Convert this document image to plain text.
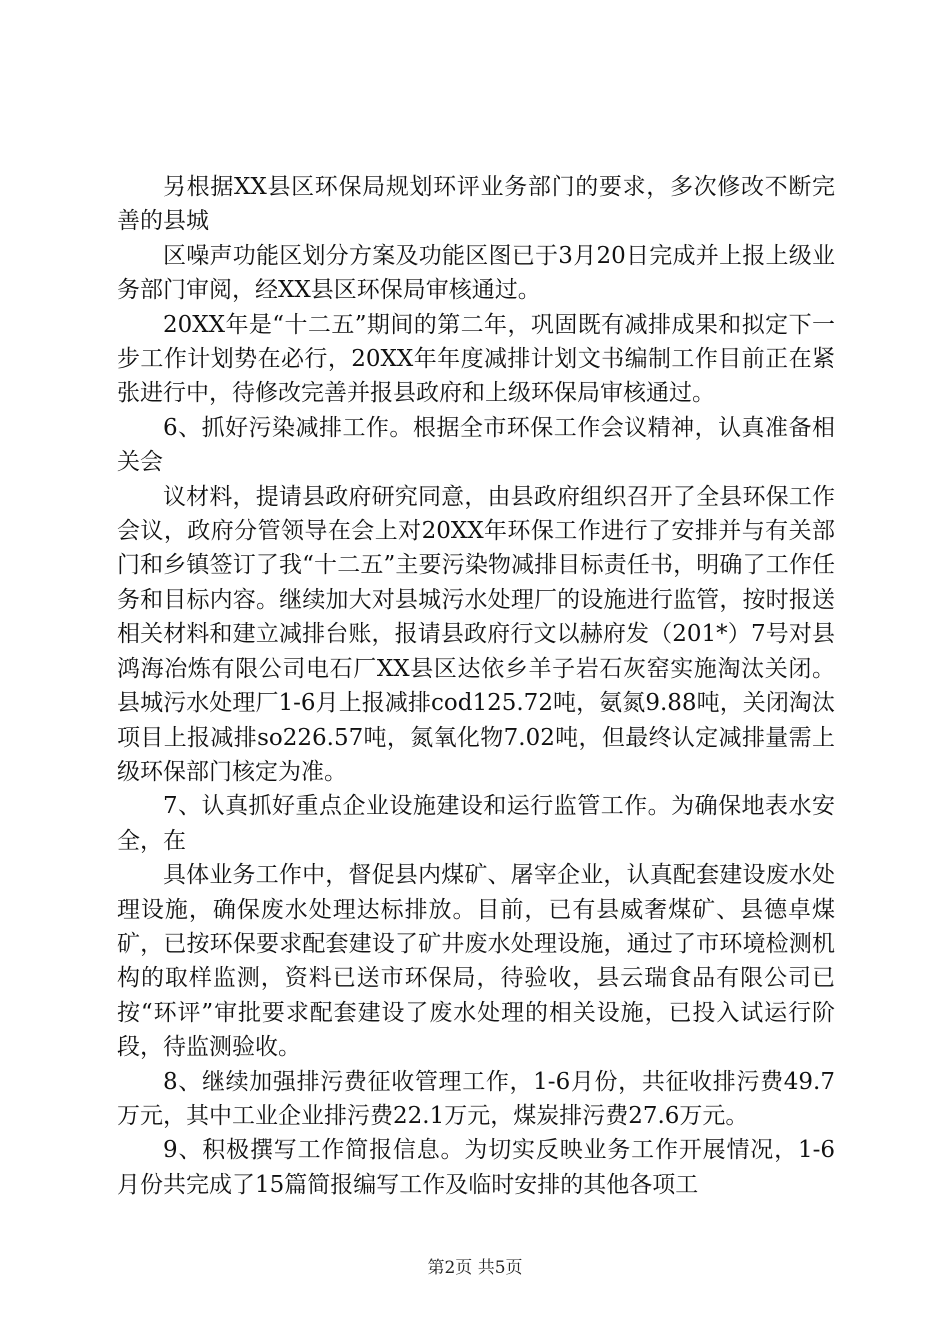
另根据XX县区环保局规划环评业务部门的要求，多次修改不断完善的县城

区噪声功能区划分方案及功能区图已于3月20日完成并上报上级业务部门审阅，经XX县区环保局审核通过。

20XX年是“十二五”期间的第二年，巩固既有减排成果和拟定下一步工作计划势在必行，20XX年年度减排计划文书编制工作目前正在紧张进行中，待修改完善并报县政府和上级环保局审核通过。

6、抓好污染减排工作。根据全市环保工作会议精神，认真准备相关会

议材料，提请县政府研究同意，由县政府组织召开了全县环保工作会议，政府分管领导在会上对20XX年环保工作进行了安排并与有关部门和乡镇签订了我“十二五”主要污染物减排目标责任书，明确了工作任务和目标内容。继续加大对县城污水处理厂的设施进行监管，按时报送相关材料和建立减排台账，报请县政府行文以赫府发（201*）7号对县鸿海冶炼有限公司电石厂XX县区达依乡羊子岩石灰窑实施淘汰关闭。县城污水处理厂1-6月上报减排cod125.72吨，氨氮9.88吨，关闭淘汰项目上报减排so226.57吨，氮氧化物7.02吨，但最终认定减排量需上级环保部门核定为准。

7、认真抓好重点企业设施建设和运行监管工作。为确保地表水安全，在

具体业务工作中，督促县内煤矿、屠宰企业，认真配套建设废水处理设施，确保废水处理达标排放。目前，已有县威奢煤矿、县德卓煤矿，已按环保要求配套建设了矿井废水处理设施，通过了市环境检测机构的取样监测，资料已送市环保局，待验收，县云瑞食品有限公司已按“环评”审批要求配套建设了废水处理的相关设施，已投入试运行阶段，待监测验收。

8、继续加强排污费征收管理工作，1-6月份，共征收排污费49.7万元，其中工业企业排污费22.1万元，煤炭排污费27.6万元。

9、积极撰写工作简报信息。为切实反映业务工作开展情况，1-6月份共完成了15篇简报编写工作及临时安排的其他各项工

第2页 共5页
